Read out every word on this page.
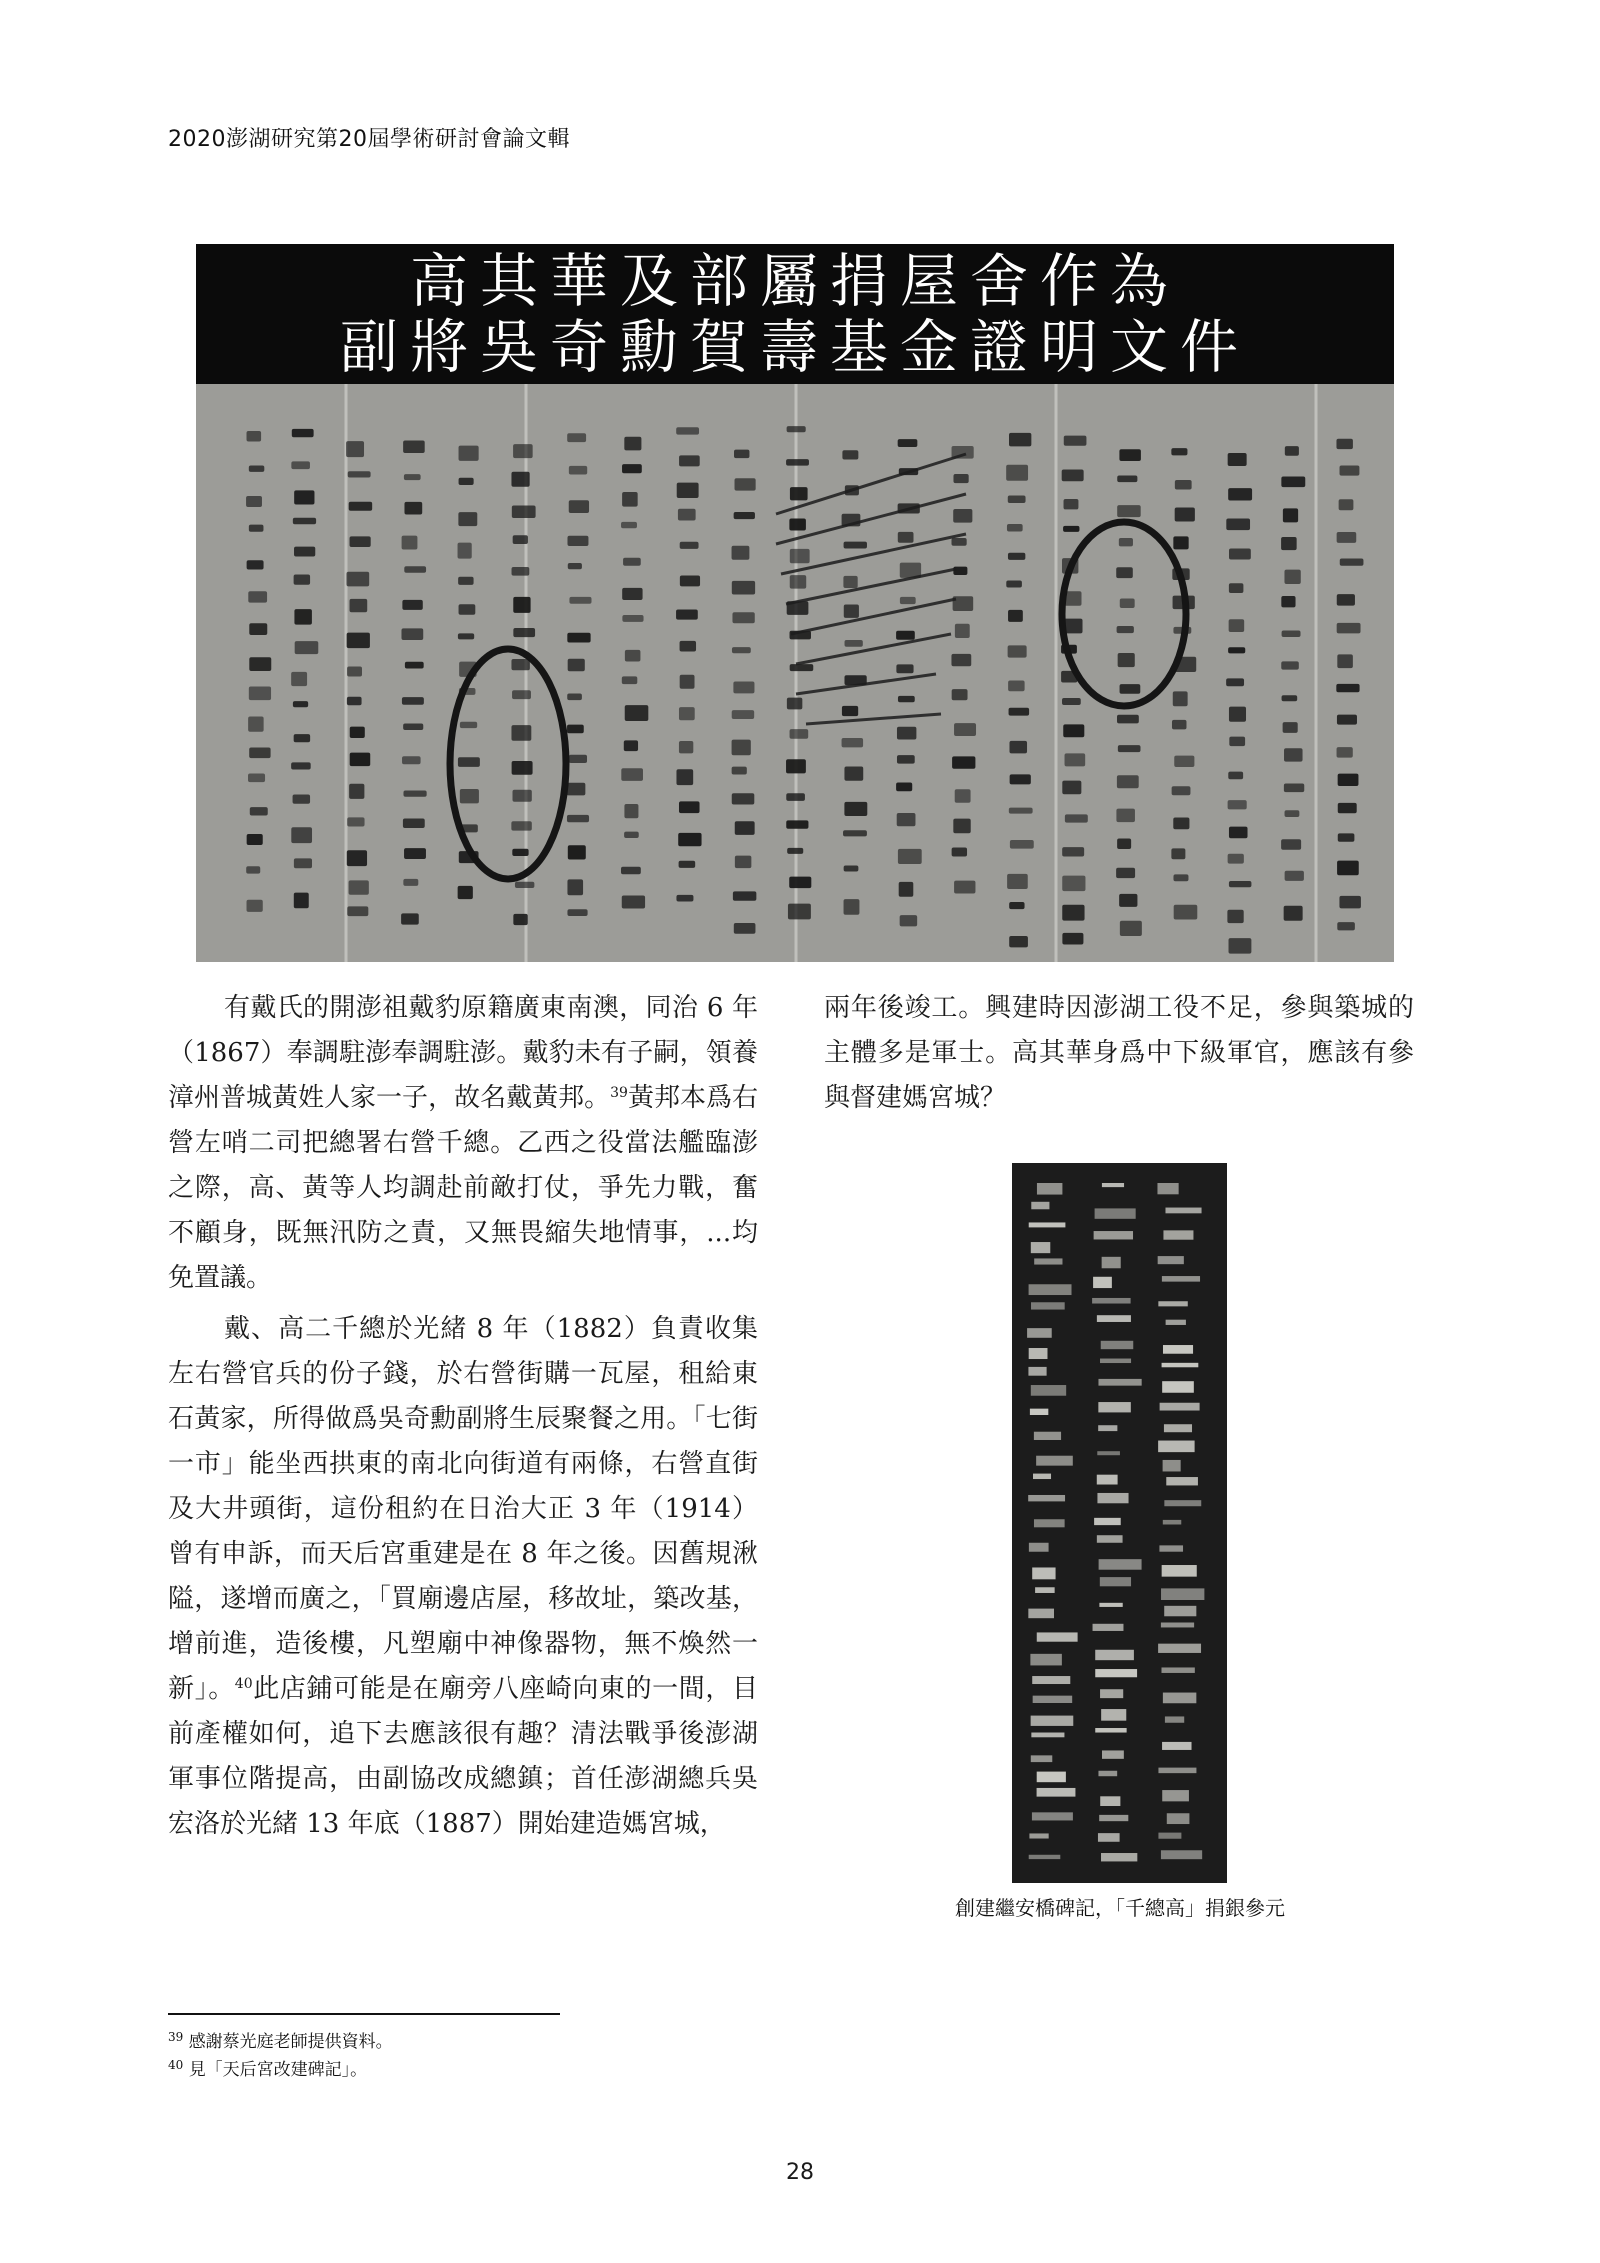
2020澎湖研究第20屆學術研討會論文輯
高其華及部屬捐屋舍作為
副將吳奇勳賀壽基金證明文件

有戴氏的開澎祖戴豹原籍廣東南澳，同治 6 年（1867）奉調駐澎奉調駐澎。戴豹未有子嗣，領養漳州普城黃姓人家一子，故名戴黃邦。$^{39}$黃邦本爲右營左哨二司把總署右營千總。乙西之役當法艦臨澎之際，高、黃等人均調赴前敵打仗，爭先力戰，奮不顧身，既無汛防之責，又無畏縮失地情事，...均免置議。

戴、高二千總於光緒 8 年（1882）負責收集左右營官兵的份子錢，於右營街購一瓦屋，租給東石黃家，所得做爲吳奇勳副將生辰聚餐之用。「七街一市」能坐西拱東的南北向街道有兩條，右營直街及大井頭街，這份租約在日治大正 3 年（1914）曾有申訴，而天后宮重建是在 8 年之後。因舊規湫隘，遂增而廣之，「買廟邊店屋，移故址，築改基，增前進，造後樓，凡塑廟中神像器物，無不煥然一新」。$^{40}$此店鋪可能是在廟旁八座崎向東的一間，目前產權如何，追下去應該很有趣？清法戰爭後澎湖軍事位階提高，由副協改成總鎮；首任澎湖總兵吳宏洛於光緒 13 年底（1887）開始建造媽宮城，

兩年後竣工。興建時因澎湖工役不足，參與築城的主體多是軍士。高其華身爲中下級軍官，應該有參與督建媽宮城？

創建繼安橋碑記，「千總高」捐銀參元
$^{39}$ 感謝蔡光庭老師提供資料。
$^{40}$ 見「天后宮改建碑記」。
28
